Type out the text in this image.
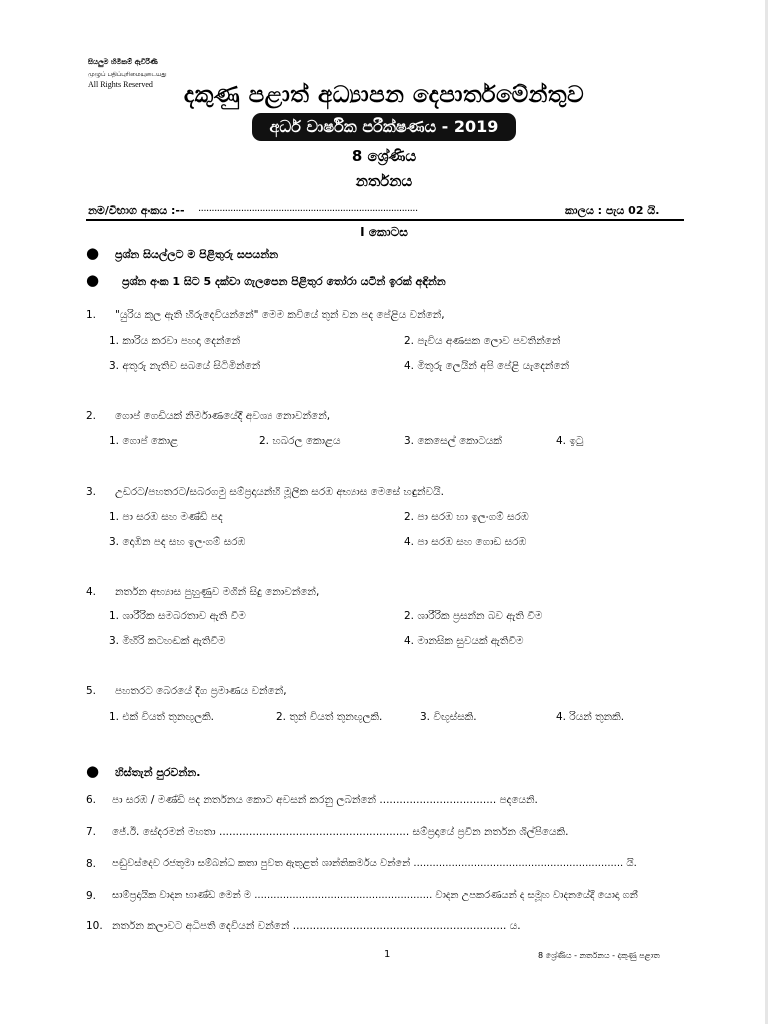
සියලුම හිමිකම් ඇවිරිණි
முழுப் பதிப்புரிமையுடையது
All Rights Reserved	දකුණු පළාත් අධ්‍යාපන දෙපාර්තමේන්තුව
අර්ධ වාර්ෂික පරීක්ෂණය - 2019
8 ශ්‍රේණිය
නර්තනය
නම/විභාග අංකය :-- ..................................................................................	කාලය : පැය 02 යි.
I කොටස
● ප්‍රශ්න සියල්ලට ම පිළිතුරු සපයන්න
● ප්‍රශ්න අංක 1 සිට 5 දක්වා ගැලපෙන පිළිතුර තෝරා යටින් ඉරක් අඳින්න
1. "යුරිය කුල ඇති හිරුදෙවියන්නේ" මෙම කවියේ තුන් වන පද පේළිය වන්නේ,
1. කාරිය කරවා පහදා දෙන්නේ	2. පැවිය අණසක ලොව පවතින්නේ
3. අතුරු නැතිව සබයේ සිටිමින්නේ	4. මිතුරු ලෙයින් අපි පේළි යැදෙන්නේ
2. ගොප් ගෙඩියක් නිර්මාණයේදී අවශ්‍ය නොවන්නේ,
1. ගොප් කොළ	2. හබරල කොළය	3. කෙසෙල් කොටයක්	4. ඉටු
3. උඩරට/පහතරට/සබරගමු සම්ප්‍රදායන්හි මූලික සරඹ අභ්‍යාස මෙසේ හඳුන්වයි.
1. පා සරඹ සහ මණ්ඩි පද	2. පා සරඹ හා ඉලංගම් සරඹ
3. දොඹින පද සහ ඉලංගම් සරඹ	4. පා සරඹ සහ ගොඩ සරඹ
4. නර්තන අභ්‍යාස පුහුණුව මගින් සිදු නොවන්නේ,
1. ශාරීරික සමබරතාව ඇති වීම	2. ශාරීරික ප්‍රසන්න බව ඇති වීම
3. මිහිරි කටහඬක් ඇතිවීම	4. මානසික සුවයක් ඇතිවීම
5. පහතරට බෙරයේ දිග ප්‍රමාණය වන්නේ,
1. එක් වියත් තුනඟුලකි.	2. තුන් වියත් තුනඟුලකි.	3. විඟුස්සකි.	4. රියන් තුනකි.
● හිස්තැන් පුරවන්න.
6. පා සරඹ / මණ්ඩි පද නර්තනය කොට අවසන් කරනු ලබන්නේ ................................... පදයෙනි.
7. ජේ.ඊ. සේදරමන් මහතා ......................................................... සම්ප්‍රදායේ ප්‍රවීන නර්තන ශිල්පියෙකි.
8. පඬුවස්දෙව රජතුමා සම්බන්ධ කතා පුවත ඇතුළත් ශාන්තිකර්මය වන්නේ .................................................................. යි.
9. සාම්ප්‍රදායික වාදන භාණ්ඩ මෙන් ම ........................................................ වාදන උපකරණයන් ද සමූහ වාදනයේදී යොදා ගනී
10. නර්තන කලාවට අධිපති දෙවියන් වන්නේ ................................................................ ය.
1	8 ශ්‍රේණිය - නර්තනය - දකුණු පළාත
